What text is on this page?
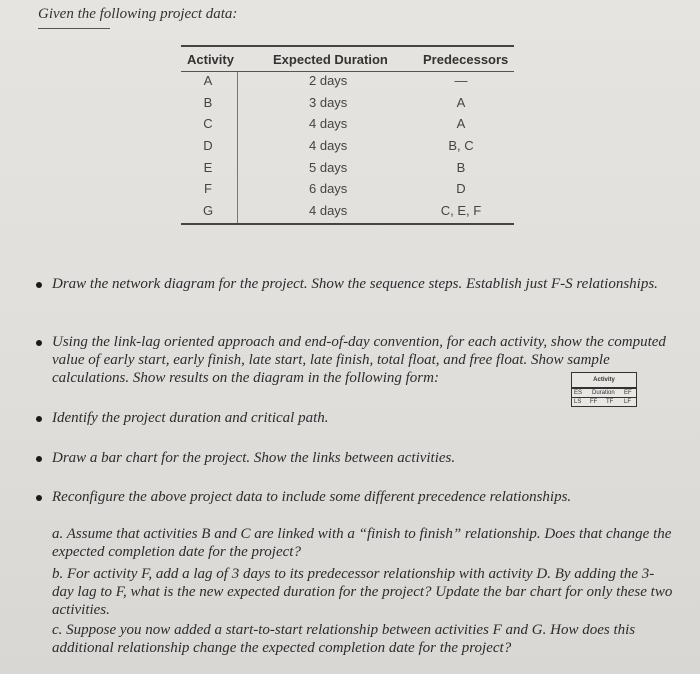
Given the following project data:
Activity	Expected Duration	Predecessors
A	2 days	—
B	3 days	A
C	4 days	A
D	4 days	B, C
E	5 days	B
F	6 days	D
G	4 days	C, E, F
Draw the network diagram for the project. Show the sequence steps. Establish just F-S relationships.
Using the link-lag oriented approach and end-of-day convention, for each activity, show the computed value of early start, early finish, late start, late finish, total float, and free float. Show sample calculations. Show results on the diagram in the following form:	Activity
ES Duration EF
LS FF TF LF
Identify the project duration and critical path.
Draw a bar chart for the project. Show the links between activities.
Reconfigure the above project data to include some different precedence relationships.
a. Assume that activities B and C are linked with a “finish to finish” relationship. Does that change the expected completion date for the project?
b. For activity F, add a lag of 3 days to its predecessor relationship with activity D. By adding the 3-day lag to F, what is the new expected duration for the project? Update the bar chart for only these two activities.
c. Suppose you now added a start-to-start relationship between activities F and G. How does this additional relationship change the expected completion date for the project?
